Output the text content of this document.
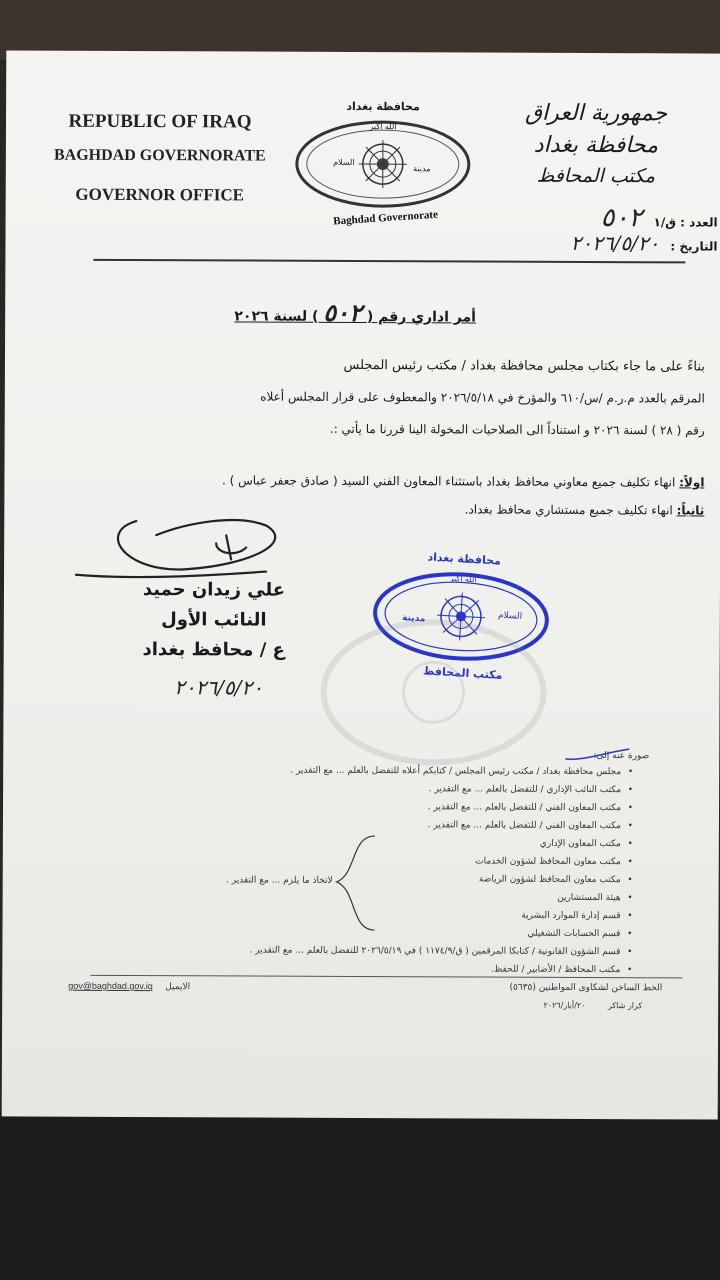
REPUBLIC OF IRAQ
BAGHDAD GOVERNORATE
GOVERNOR OFFICE
محافظة بغداد
الله أكبر
السلام
مدينة
Baghdad Governorate
جمهورية العراق
محافظة بغداد
مكتب المحافظ
العدد : ق/١ ٥٠٢
التاريخ : ٢٠٢٦/٥/٢٠
أمر اداري رقم ( ٥٠٢ ) لسنة ٢٠٢٦
بناءً على ما جاء بكتاب مجلس محافظة بغداد / مكتب رئيس المجلس
المرقم بالعدد م.ر.م /س/٦١٠ والمؤرخ في ٢٠٢٦/٥/١٨ والمعطوف على قرار المجلس أعلاه
رقم ( ٢٨ ) لسنة ٢٠٢٦ و استناداً الى الصلاحيات المخولة الينا قررنا ما يأتي :.
اولاً: انهاء تكليف جميع معاوني محافظ بغداد باستثناء المعاون الفني السيد ( صادق جعفر عباس ) .
ثانياً: انهاء تكليف جميع مستشاري محافظ بغداد.
علي زيدان حميد
النائب الأول
ع / محافظ بغداد
٢٠٢٦/٥/٢٠
محافظة بغداد
الله أكبر
السلام
مدينة
مكتب المحافظ
صورة عنه إلى:
• مجلس محافظة بغداد / مكتب رئيس المجلس / كتابكم أعلاه للتفضل بالعلم ... مع التقدير .
• مكتب النائب الإداري / للتفضل بالعلم ... مع التقدير .
• مكتب المعاون الفني / للتفضل بالعلم ... مع التقدير .
• مكتب المعاون الفني / للتفضل بالعلم ... مع التقدير .
• مكتب المعاون الإداري
• مكتب معاون المحافظ لشؤون الخدمات
• مكتب معاون المحافظ لشؤون الرياضة
• هيئة المستشارين
• قسم إدارة الموارد البشرية
• قسم الحسابات التشغيلي
• قسم الشؤون القانونية / كتابكا المرقمين ( ق/١١٧٤/٩ ) في ٢٠٢٦/٥/١٩ للتفضل بالعلم ... مع التقدير .
• مكتب المحافظ / الأضابير / للحفظ.
لاتخاذ ما يلزم ... مع التقدير .
gov@baghdad.gov.iq الايميل	الخط الساخن لشكاوى المواطنين (٥٦٣٥)
كرار شاكر ٢٠/أيار/٢٠٢٦
